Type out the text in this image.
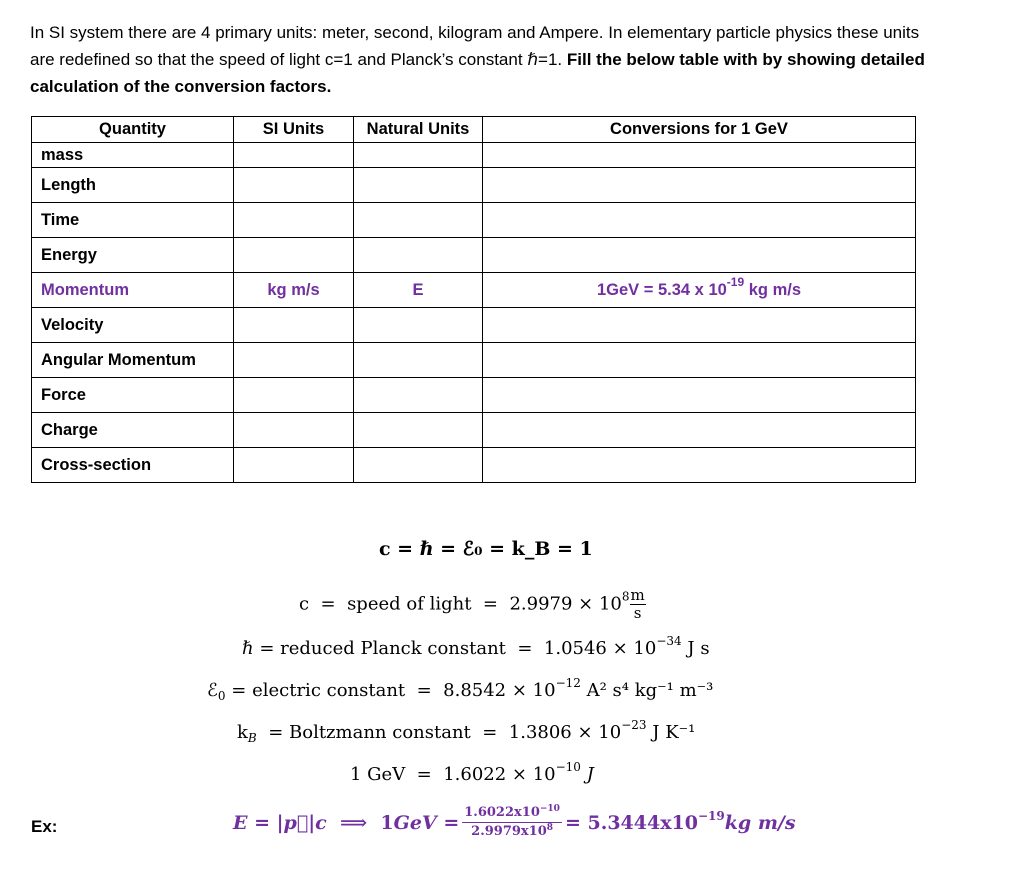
In SI system there are 4 primary units: meter, second, kilogram and Ampere. In elementary particle physics these units are redefined so that the speed of light c=1 and Planck’s constant ℏ=1. Fill the below table with by showing detailed calculation of the conversion factors.
Quantity	SI Units	Natural Units	Conversions for 1 GeV
mass			
Length			
Time			
Energy			
Momentum	kg m/s	E	1GeV = 5.34 x $10^{-19}$ kg m/s
Velocity			
Angular Momentum			
Force			
Charge			
Cross-section			
c = ℏ = ℰ₀ = k_B = 1
c  =  speed of light  =  $2.9979 \times 10^8 \frac{m}{s}$
ℏ = reduced Planck constant  =  $1.0546 \times 10^{-34}$ J s
ℰ$_0$ = electric constant  =  $8.8542 \times 10^{-12}$ A² s⁴ kg⁻¹ m⁻³
$k_B$  = Boltzmann constant  =  $1.3806 \times 10^{-23}$ J K⁻¹
1 GeV  =  $1.6022 \times 10^{-10}$ J
Ex:	E = |p⃗|c  ⟹  $1GeV = \frac{1.6022x10^{-10}}{2.9979x10^8} = 5.3444x10^{-19}kg$ m/s
